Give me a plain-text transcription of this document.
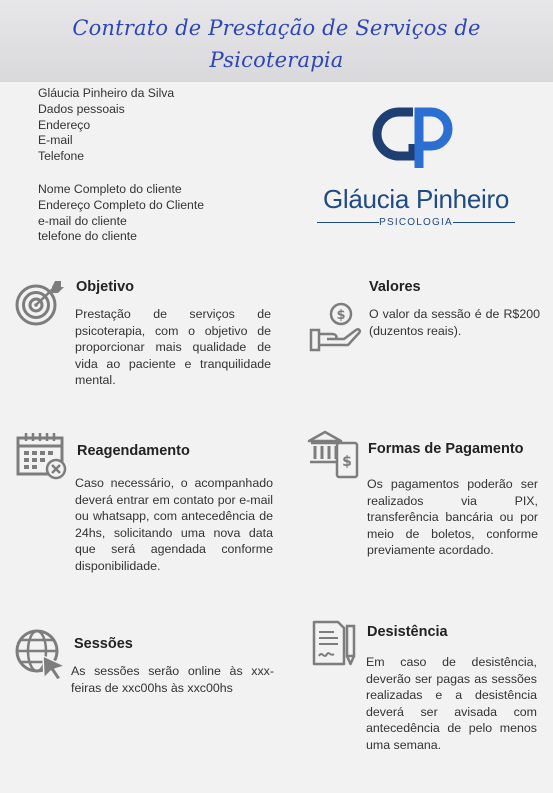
Contrato de Prestação de Serviços de Psicoterapia
Gláucia Pinheiro da Silva
Dados pessoais
Endereço
E-mail
Telefone
Nome Completo do cliente
Endereço Completo do Cliente
e-mail do cliente
telefone do cliente
Gláucia Pinheiro
PSICOLOGIA
Objetivo
Prestação de serviços de psicoterapia, com o objetivo de proporcionar mais qualidade de vida ao paciente e tranquilidade mental.
$
Valores
O valor da sessão é de R$200 (duzentos reais).
Reagendamento
Caso necessário, o acompanhado deverá entrar em contato por e-mail ou whatsapp, com antecedência de 24hs, solicitando uma nova data que será agendada conforme disponibilidade.
$
Formas de Pagamento
Os pagamentos poderão ser realizados via PIX, transferência bancária ou por meio de boletos, conforme previamente acordado.
Sessões
As sessões serão online às xxx-feiras de xxc00hs às xxc00hs
Desistência
Em caso de desistência, deverão ser pagas as sessões realizadas e a desistência deverá ser avisada com antecedência de pelo menos uma semana.
